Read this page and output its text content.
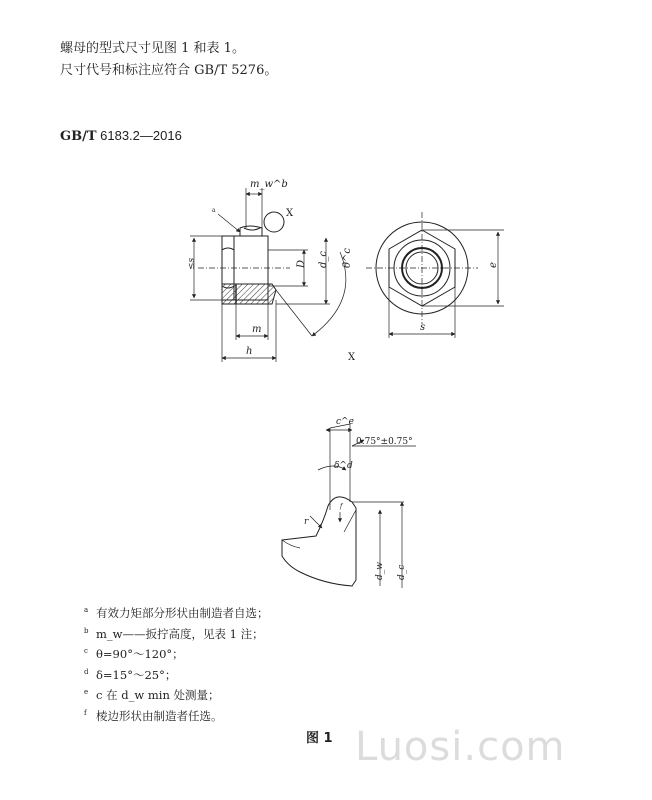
螺母的型式尺寸见图 1 和表 1。
尺寸代号和标注应符合 GB/T 5276。
GB/T 6183.2—2016
m_w^b
a	X
≤s	D d_c θ^c
m
h
X
e
s
c^e
0.75°±0.75°
δ^d
r
f
d_w d_c
a 有效力矩部分形状由制造者自选；
b m_w——扳拧高度，见表 1 注；
c θ=90°～120°；
d δ=15°～25°；
e c 在 d_w min 处测量；
f 棱边形状由制造者任选。
图 1 Luosi.com
